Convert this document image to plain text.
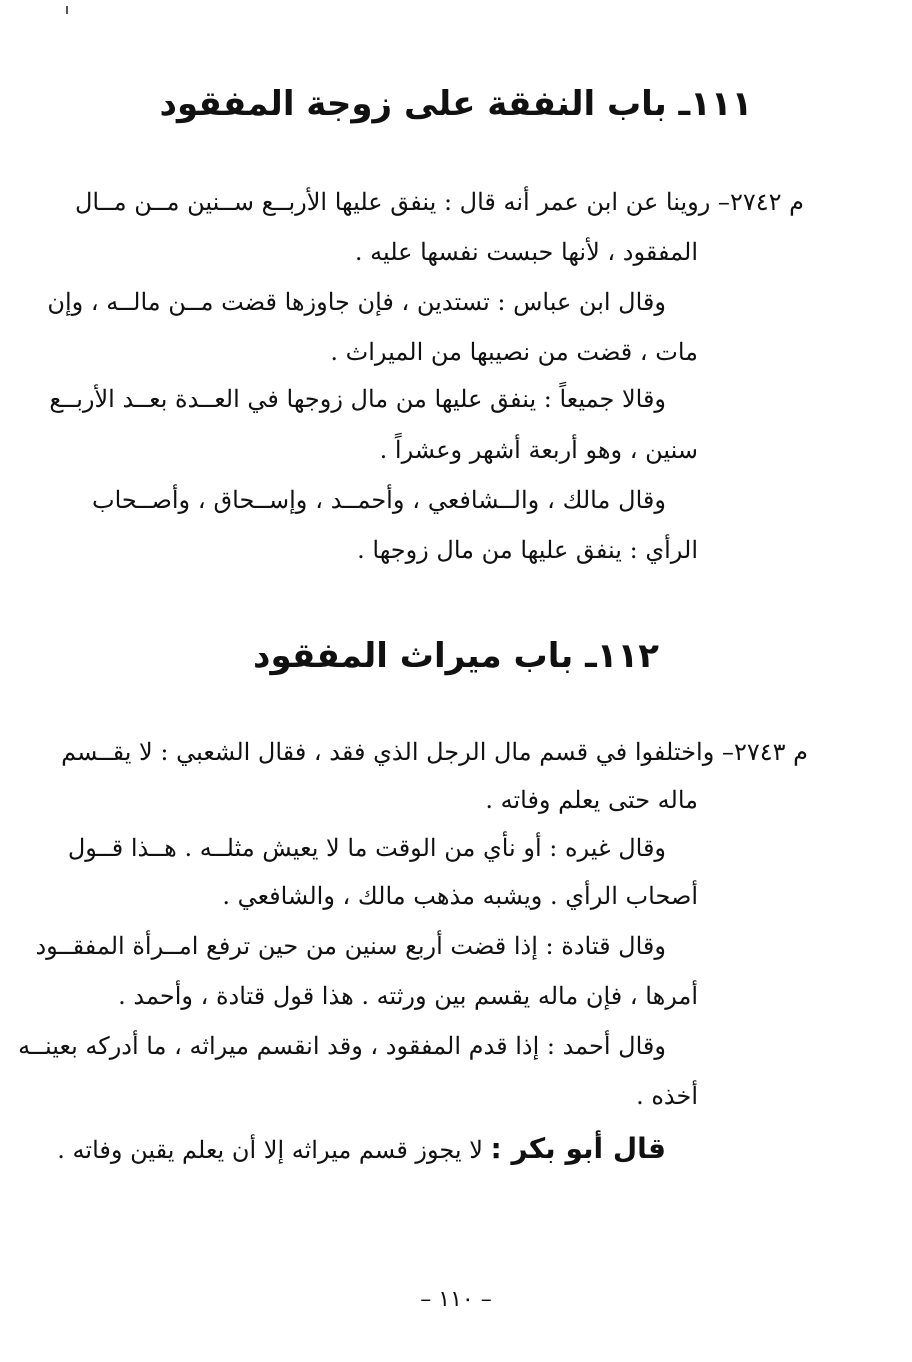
١١١ـ باب النفقة على زوجة المفقود
م ٢٧٤٢– روينا عن ابن عمر أنه قال : ينفق عليها الأربــع ســنين مــن مــال
المفقود ، لأنها حبست نفسها عليه .
وقال ابن عباس : تستدين ، فإن جاوزها قضت مــن مالــه ، وإن
مات ، قضت من نصيبها من الميراث .
وقالا جميعاً : ينفق عليها من مال زوجها في العــدة بعــد الأربــع
سنين ، وهو أربعة أشهر وعشراً .
وقال مالك ، والــشافعي ، وأحمــد ، وإســحاق ، وأصــحاب
الرأي : ينفق عليها من مال زوجها .
١١٢ـ باب ميراث المفقود
م ٢٧٤٣– واختلفوا في قسم مال الرجل الذي فقد ، فقال الشعبي : لا يقــسم
ماله حتى يعلم وفاته .
وقال غيره : أو نأي من الوقت ما لا يعيش مثلــه . هــذا قــول
أصحاب الرأي . ويشبه مذهب مالك ، والشافعي .
وقال قتادة : إذا قضت أربع سنين من حين ترفع امــرأة المفقــود
أمرها ، فإن ماله يقسم بين ورثته . هذا قول قتادة ، وأحمد .
وقال أحمد : إذا قدم المفقود ، وقد انقسم ميراثه ، ما أدركه بعينــه
أخذه .
قال أبو بكر : لا يجوز قسم ميراثه إلا أن يعلم يقين وفاته .
– ١١٠ –
